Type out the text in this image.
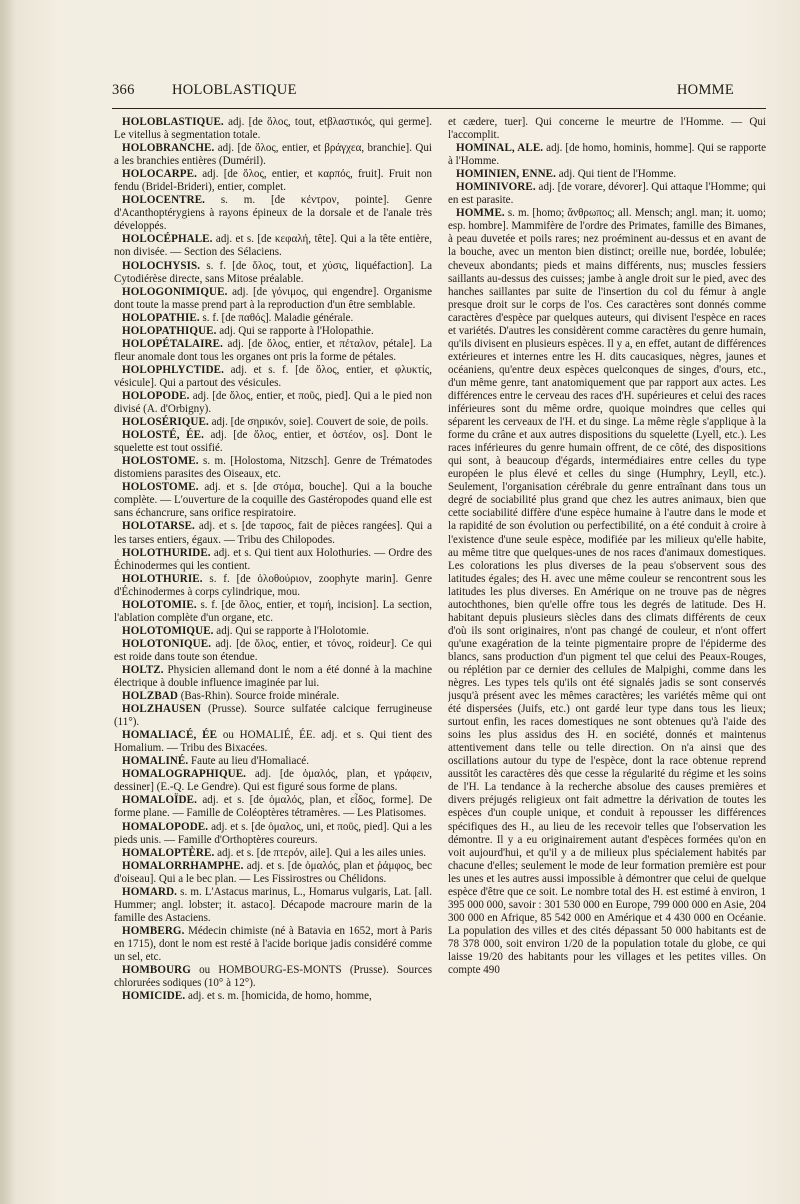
366	HOLOBLASTIQUE	HOMME

HOLOBLASTIQUE. adj. [de ὅλος, tout, etβλαστικός, qui germe]. Le vitellus à segmentation totale.

HOLOBRANCHE. adj. [de ὅλος, entier, et βράγχεα, branchie]. Qui a les branchies entières (Duméril).

HOLOCARPE. adj. [de ὅλος, entier, et καρπός, fruit]. Fruit non fendu (Bridel-Brideri), entier, complet.

HOLOCENTRE. s. m. [de κέντρον, pointe]. Genre d'Acanthoptérygiens à rayons épineux de la dorsale et de l'anale très développés.

HOLOCÉPHALE. adj. et s. [de κεφαλή, tête]. Qui a la tête entière, non divisée. — Section des Sélaciens.

HOLOCHYSIS. s. f. [de ὅλος, tout, et χύσις, liquéfaction]. La Cytodiérèse directe, sans Mitose préalable.

HOLOGONIMIQUE. adj. [de γόνιμος, qui engendre]. Organisme dont toute la masse prend part à la reproduction d'un être semblable.

HOLOPATHIE. s. f. [de παθός]. Maladie générale.

HOLOPATHIQUE. adj. Qui se rapporte à l'Holopathie.

HOLOPÉTALAIRE. adj. [de ὅλος, entier, et πέταλον, pétale]. La fleur anomale dont tous les organes ont pris la forme de pétales.

HOLOPHLYCTIDE. adj. et s. f. [de ὅλος, entier, et φλυκτίς, vésicule]. Qui a partout des vésicules.

HOLOPODE. adj. [de ὅλος, entier, et ποῦς, pied]. Qui a le pied non divisé (A. d'Orbigny).

HOLOSÉRIQUE. adj. [de σηρικόν, soie]. Couvert de soie, de poils.

HOLOSTÉ, ÉE. adj. [de ὅλος, entier, et ὀστέον, os]. Dont le squelette est tout ossifié.

HOLOSTOME. s. m. [Holostoma, Nitzsch]. Genre de Trématodes distomiens parasites des Oiseaux, etc.

HOLOSTOME. adj. et s. [de στόμα, bouche]. Qui a la bouche complète. — L'ouverture de la coquille des Gastéropodes quand elle est sans échancrure, sans orifice respiratoire.

HOLOTARSE. adj. et s. [de ταρσος, fait de pièces rangées]. Qui a les tarses entiers, égaux. — Tribu des Chilopodes.

HOLOTHURIDE. adj. et s. Qui tient aux Holothuries. — Ordre des Échinodermes qui les contient.

HOLOTHURIE. s. f. [de ὁλοθούριον, zoophyte marin]. Genre d'Échinodermes à corps cylindrique, mou.

HOLOTOMIE. s. f. [de ὅλος, entier, et τομή, incision]. La section, l'ablation complète d'un organe, etc.

HOLOTOMIQUE. adj. Qui se rapporte à l'Holotomie.

HOLOTONIQUE. adj. [de ὅλος, entier, et τόνος, roideur]. Ce qui est roide dans toute son étendue.

HOLTZ. Physicien allemand dont le nom a été donné à la machine électrique à double influence imaginée par lui.

HOLZBAD (Bas-Rhin). Source froide minérale.

HOLZHAUSEN (Prusse). Source sulfatée calcique ferrugineuse (11°).

HOMALIACÉ, ÉE ou HOMALIÉ, ÉE. adj. et s. Qui tient des Homalium. — Tribu des Bixacées.

HOMALINÉ. Faute au lieu d'Homaliacé.

HOMALOGRAPHIQUE. adj. [de ὁμαλός, plan, et γράφειν, dessiner] (E.-Q. Le Gendre). Qui est figuré sous forme de plans.

HOMALOÏDE. adj. et s. [de ὁμαλός, plan, et εἶδος, forme]. De forme plane. — Famille de Coléoptères tétramères. — Les Platisomes.

HOMALOPODE. adj. et s. [de ὁμαλος, uni, et ποῦς, pied]. Qui a les pieds unis. — Famille d'Orthoptères coureurs.

HOMALOPTÈRE. adj. et s. [de πτερόν, aile]. Qui a les ailes unies.

HOMALORRHAMPHE. adj. et s. [de ὁμαλός, plan et ῥάμφος, bec d'oiseau]. Qui a le bec plan. — Les Fissirostres ou Chélidons.

HOMARD. s. m. L'Astacus marinus, L., Homarus vulgaris, Lat. [all. Hummer; angl. lobster; it. astaco]. Décapode macroure marin de la famille des Astaciens.

HOMBERG. Médecin chimiste (né à Batavia en 1652, mort à Paris en 1715), dont le nom est resté à l'acide borique jadis considéré comme un sel, etc.

HOMBOURG ou HOMBOURG-ES-MONTS (Prusse). Sources chlorurées sodiques (10° à 12°).

HOMICIDE. adj. et s. m. [homicida, de homo, homme,

et cædere, tuer]. Qui concerne le meurtre de l'Homme. — Qui l'accomplit.

HOMINAL, ALE. adj. [de homo, hominis, homme]. Qui se rapporte à l'Homme.

HOMINIEN, ENNE. adj. Qui tient de l'Homme.

HOMINIVORE. adj. [de vorare, dévorer]. Qui attaque l'Homme; qui en est parasite.

HOMME. s. m. [homo; ἄνθρωπος; all. Mensch; angl. man; it. uomo; esp. hombre]. Mammifère de l'ordre des Primates, famille des Bimanes, à peau duvetée et poils rares; nez proéminent au-dessus et en avant de la bouche, avec un menton bien distinct; oreille nue, bordée, lobulée; cheveux abondants; pieds et mains différents, nus; muscles fessiers saillants au-dessus des cuisses; jambe à angle droit sur le pied, avec des hanches saillantes par suite de l'insertion du col du fémur à angle presque droit sur le corps de l'os. Ces caractères sont donnés comme caractères d'espèce par quelques auteurs, qui divisent l'espèce en races et variétés. D'autres les considèrent comme caractères du genre humain, qu'ils divisent en plusieurs espèces. Il y a, en effet, autant de différences extérieures et internes entre les H. dits caucasiques, nègres, jaunes et océaniens, qu'entre deux espèces quelconques de singes, d'ours, etc., d'un même genre, tant anatomiquement que par rapport aux actes. Les différences entre le cerveau des races d'H. supérieures et celui des races inférieures sont du même ordre, quoique moindres que celles qui séparent les cerveaux de l'H. et du singe. La même règle s'applique à la forme du crâne et aux autres dispositions du squelette (Lyell, etc.). Les races inférieures du genre humain offrent, de ce côté, des dispositions qui sont, à beaucoup d'égards, intermédiaires entre celles du type européen le plus élevé et celles du singe (Humphry, Leyll, etc.). Seulement, l'organisation cérébrale du genre entraînant dans tous un degré de sociabilité plus grand que chez les autres animaux, bien que cette sociabilité diffère d'une espèce humaine à l'autre dans le mode et la rapidité de son évolution ou perfectibilité, on a été conduit à croire à l'existence d'une seule espèce, modifiée par les milieux qu'elle habite, au même titre que quelques-unes de nos races d'animaux domestiques. Les colorations les plus diverses de la peau s'observent sous des latitudes égales; des H. avec une même couleur se rencontrent sous les latitudes les plus diverses. En Amérique on ne trouve pas de nègres autochthones, bien qu'elle offre tous les degrés de latitude. Des H. habitant depuis plusieurs siècles dans des climats différents de ceux d'où ils sont originaires, n'ont pas changé de couleur, et n'ont offert qu'une exagération de la teinte pigmentaire propre de l'épiderme des blancs, sans production d'un pigment tel que celui des Peaux-Rouges, ou réplétion par ce dernier des cellules de Malpighi, comme dans les nègres. Les types tels qu'ils ont été signalés jadis se sont conservés jusqu'à présent avec les mêmes caractères; les variétés même qui ont été dispersées (Juifs, etc.) ont gardé leur type dans tous les lieux; surtout enfin, les races domestiques ne sont obtenues qu'à l'aide des soins les plus assidus des H. en société, donnés et maintenus attentivement dans telle ou telle direction. On n'a ainsi que des oscillations autour du type de l'espèce, dont la race obtenue reprend aussitôt les caractères dès que cesse la régularité du régime et les soins de l'H. La tendance à la recherche absolue des causes premières et divers préjugés religieux ont fait admettre la dérivation de toutes les espèces d'un couple unique, et conduit à repousser les différences spécifiques des H., au lieu de les recevoir telles que l'observation les démontre. Il y a eu originairement autant d'espèces formées qu'on en voit aujourd'hui, et qu'il y a de milieux plus spécialement habités par chacune d'elles; seulement le mode de leur formation première est pour les unes et les autres aussi impossible à démontrer que celui de quelque espèce d'être que ce soit. Le nombre total des H. est estimé à environ, 1 395 000 000, savoir : 301 530 000 en Europe, 799 000 000 en Asie, 204 300 000 en Afrique, 85 542 000 en Amérique et 4 430 000 en Océanie. La population des villes et des cités dépassant 50 000 habitants est de 78 378 000, soit environ 1/20 de la population totale du globe, ce qui laisse 19/20 des habitants pour les villages et les petites villes. On compte 490
